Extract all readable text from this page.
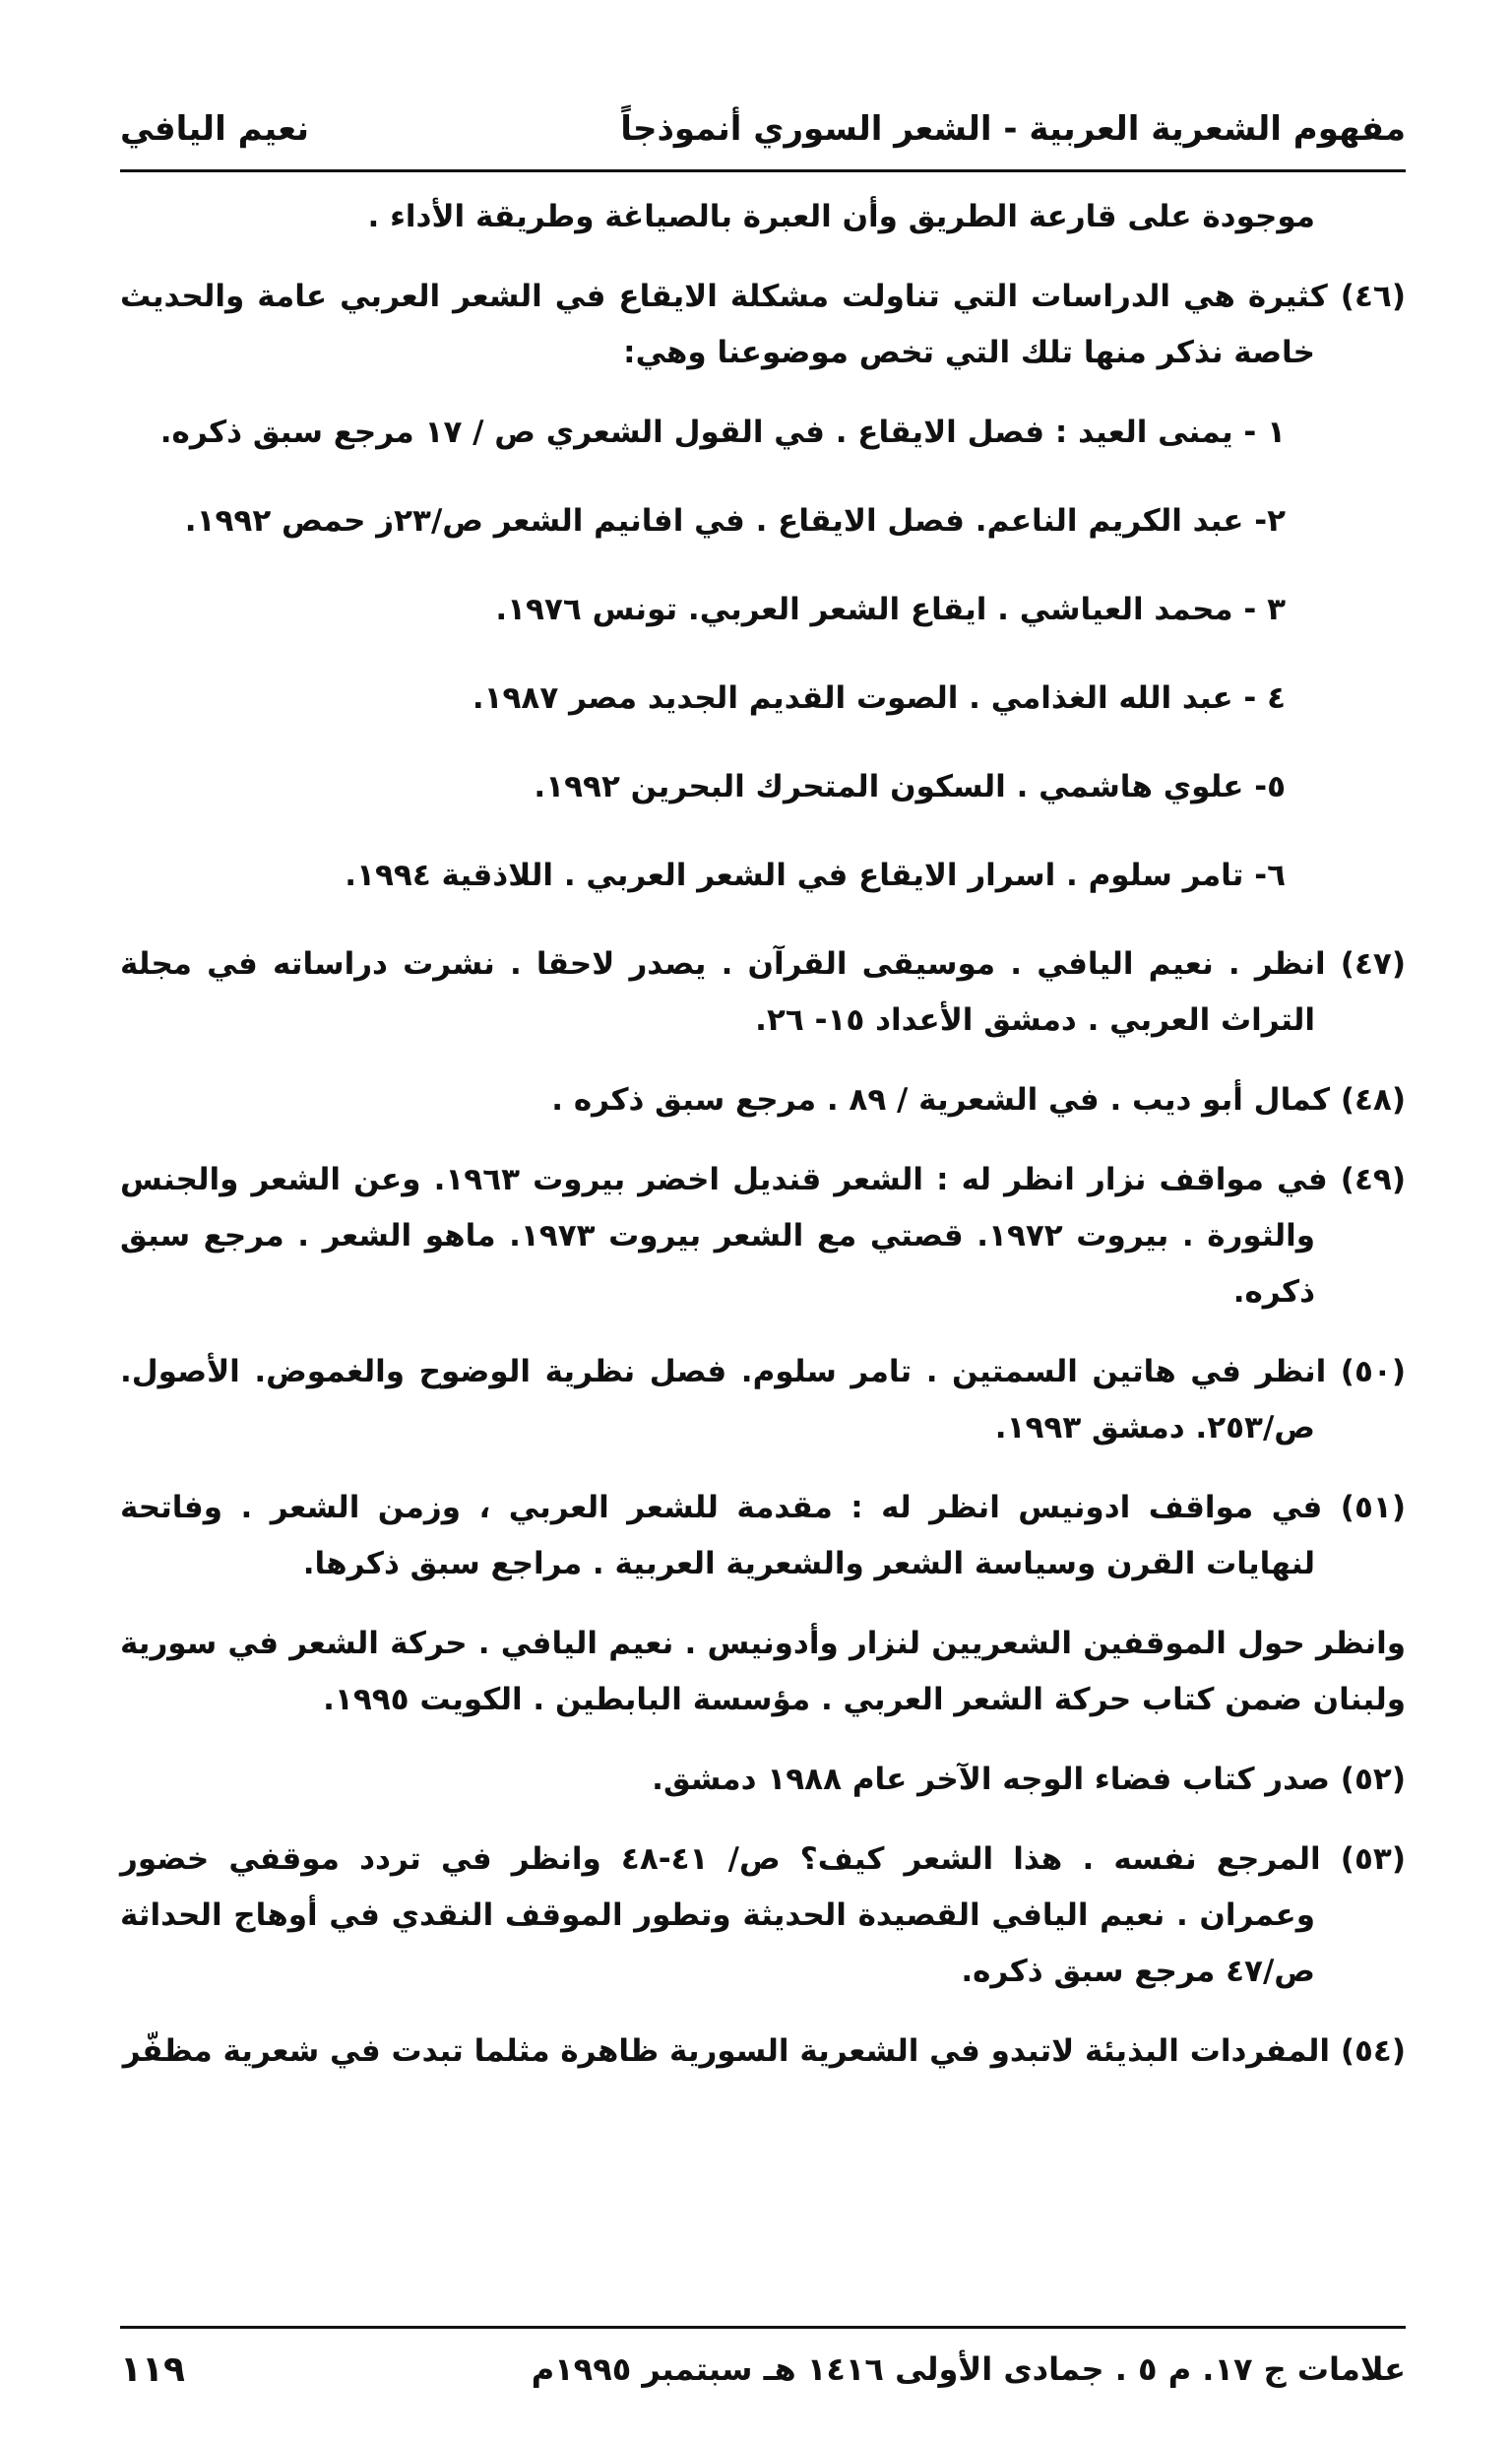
مفهوم الشعرية العربية - الشعر السوري أنموذجاً
نعيم اليافي

موجودة على قارعة الطريق وأن العبرة بالصياغة وطريقة الأداء .

(٤٦) كثيرة هي الدراسات التي تناولت مشكلة الايقاع في الشعر العربي عامة والحديث خاصة نذكر منها تلك التي تخص موضوعنا وهي:

١ - يمنى العيد : فصل الايقاع . في القول الشعري ص / ١٧ مرجع سبق ذكره.

٢- عبد الكريم الناعم. فصل الايقاع . في افانيم الشعر ص/٢٣ز حمص ١٩٩٢.

٣ - محمد العياشي . ايقاع الشعر العربي. تونس ١٩٧٦.

٤ - عبد الله الغذامي . الصوت القديم الجديد مصر ١٩٨٧.

٥- علوي هاشمي . السكون المتحرك البحرين ١٩٩٢.

٦- تامر سلوم . اسرار الايقاع في الشعر العربي . اللاذقية ١٩٩٤.

(٤٧) انظر . نعيم اليافي . موسيقى القرآن . يصدر لاحقا . نشرت دراساته في مجلة التراث العربي . دمشق الأعداد ١٥- ٢٦.

(٤٨) كمال أبو ديب . في الشعرية / ٨٩ . مرجع سبق ذكره .

(٤٩) في مواقف نزار انظر له : الشعر قنديل اخضر بيروت ١٩٦٣. وعن الشعر والجنس والثورة . بيروت ١٩٧٢. قصتي مع الشعر بيروت ١٩٧٣. ماهو الشعر . مرجع سبق ذكره.

(٥٠) انظر في هاتين السمتين . تامر سلوم. فصل نظرية الوضوح والغموض. الأصول. ص/٢٥٣. دمشق ١٩٩٣.

(٥١) في مواقف ادونيس انظر له : مقدمة للشعر العربي ، وزمن الشعر . وفاتحة لنهايات القرن وسياسة الشعر والشعرية العربية . مراجع سبق ذكرها.

وانظر حول الموقفين الشعريين لنزار وأدونيس . نعيم اليافي . حركة الشعر في سورية ولبنان ضمن كتاب حركة الشعر العربي . مؤسسة البابطين . الكويت ١٩٩٥.

(٥٢) صدر كتاب فضاء الوجه الآخر عام ١٩٨٨ دمشق.

(٥٣) المرجع نفسه . هذا الشعر كيف؟ ص/ ٤١-٤٨ وانظر في تردد موقفي خضور وعمران . نعيم اليافي القصيدة الحديثة وتطور الموقف النقدي في أوهاج الحداثة ص/٤٧ مرجع سبق ذكره.

(٥٤) المفردات البذيئة لاتبدو في الشعرية السورية ظاهرة مثلما تبدت في شعرية مظفّر

علامات ج ١٧. م ٥ . جمادى الأولى ١٤١٦ هـ سبتمبر ١٩٩٥م
١١٩
